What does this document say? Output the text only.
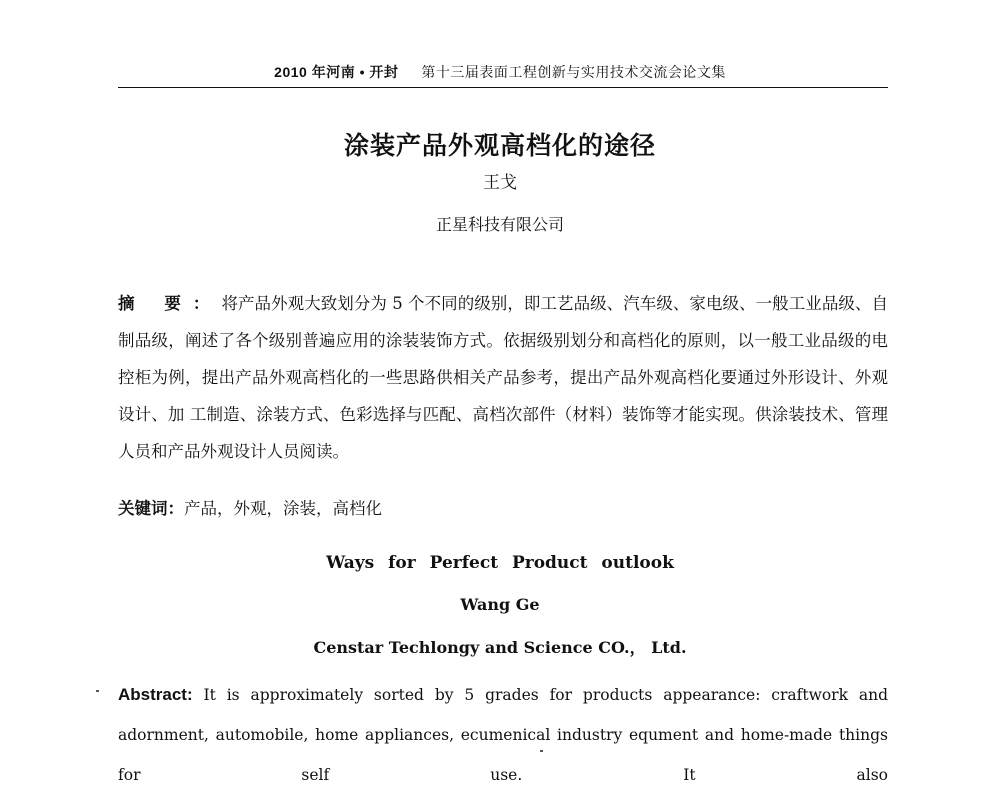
2010 年河南 • 开封 第十三届表面工程创新与实用技术交流会论文集
涂装产品外观高档化的途径
王戈
正星科技有限公司
摘 要：将产品外观大致划分为 5 个不同的级别，即工艺品级、汽车级、家电级、一般工业品级、自制品级，阐述了各个级别普遍应用的涂装装饰方式。依据级别划分和高档化的原则，以一般工业品级的电控柜为例，提出产品外观高档化的一些思路供相关产品参考，提出产品外观高档化要通过外形设计、外观设计、加 工制造、涂装方式、色彩选择与匹配、高档次部件（材料）装饰等才能实现。供涂装技术、管理人员和产品外观设计人员阅读。
关键词：产品，外观，涂装，高档化
Ways for Perfect Product outlook
Wang Ge
Censtar Techlongy and Science CO.， Ltd.
Abstract: It is approximately sorted by 5 grades for products appearance: craftwork and adornment, automobile, home appliances, ecumenical industry equment and home-made things for self use. It also
